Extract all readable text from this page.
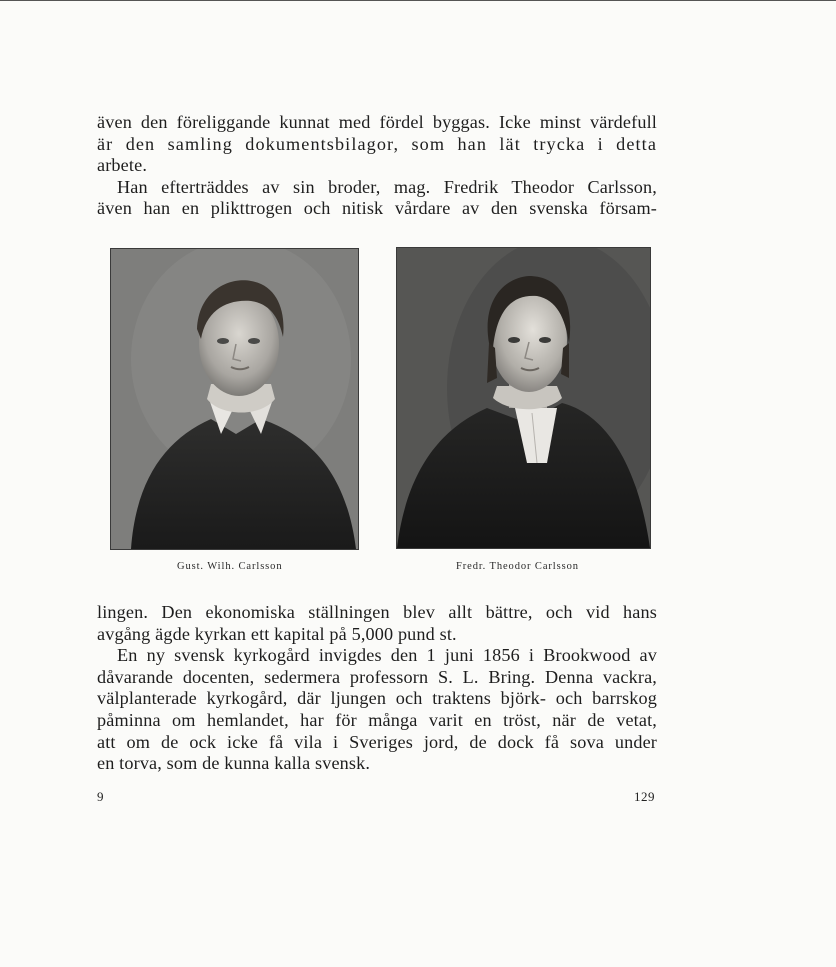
även den föreliggande kunnat med fördel byggas. Icke minst värdefull
är den samling dokumentsbilagor, som han lät trycka i detta
arbete.
Han efterträddes av sin broder, mag. Fredrik Theodor Carlsson,
även han en plikttrogen och nitisk vårdare av den svenska försam-
Gust. Wilh. Carlsson	Fredr. Theodor Carlsson
lingen. Den ekonomiska ställningen blev allt bättre, och vid hans
avgång ägde kyrkan ett kapital på 5,000 pund st.
En ny svensk kyrkogård invigdes den 1 juni 1856 i Brookwood av
dåvarande docenten, sedermera professorn S. L. Bring. Denna vackra,
välplanterade kyrkogård, där ljungen och traktens björk- och barrskog
påminna om hemlandet, har för många varit en tröst, när de vetat,
att om de ock icke få vila i Sveriges jord, de dock få sova under
en torva, som de kunna kalla svensk.
9	129
